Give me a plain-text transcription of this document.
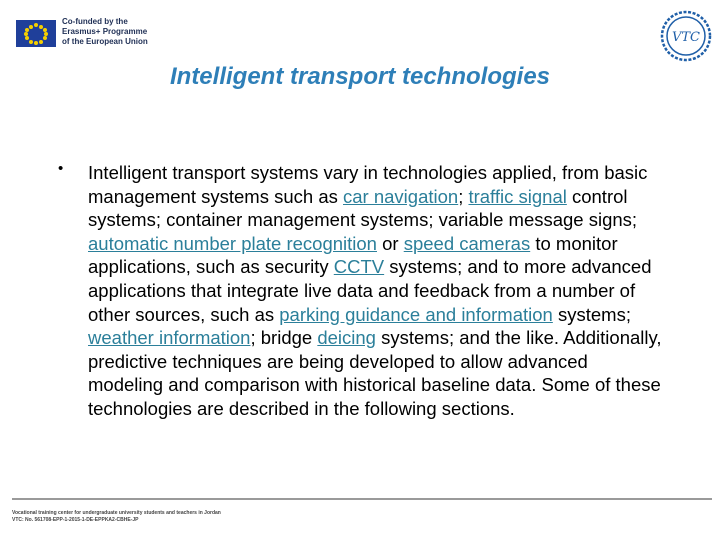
Co-funded by the
Erasmus+ Programme
of the European Union	VTC
Intelligent transport technologies
• Intelligent transport systems vary in technologies applied, from basic management systems such as car navigation; traffic signal control systems; container management systems; variable message signs; automatic number plate recognition or speed cameras to monitor applications, such as security CCTV systems; and to more advanced applications that integrate live data and feedback from a number of other sources, such as parking guidance and information systems; weather information; bridge deicing systems; and the like. Additionally, predictive techniques are being developed to allow advanced modeling and comparison with historical baseline data. Some of these technologies are described in the following sections.
Vocational training center for undergraduate university students and teachers in Jordan
VTC: No. 561708-EPP-1-2015-1-DE-EPPKA2-CBHE-JP
